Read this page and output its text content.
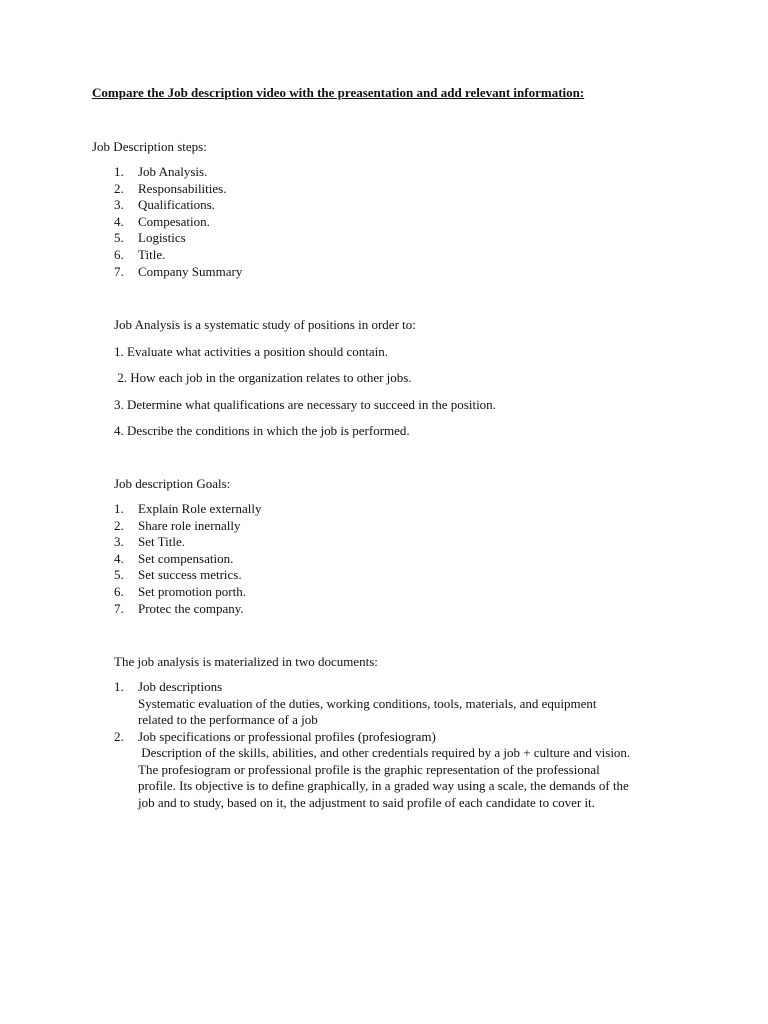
Compare the Job description video with the preasentation and add relevant information:
Job Description steps:
1. Job Analysis.
2. Responsabilities.
3. Qualifications.
4. Compesation.
5. Logistics
6. Title.
7. Company Summary
Job Analysis is a systematic study of positions in order to:
1. Evaluate what activities a position should contain.
2. How each job in the organization relates to other jobs.
3. Determine what qualifications are necessary to succeed in the position.
4. Describe the conditions in which the job is performed.
Job description Goals:
1. Explain Role externally
2. Share role inernally
3. Set Title.
4. Set compensation.
5. Set success metrics.
6. Set promotion porth.
7. Protec the company.
The job analysis is materialized in two documents:
1. Job descriptions
Systematic evaluation of the duties, working conditions, tools, materials, and equipment
related to the performance of a job
2. Job specifications or professional profiles (profesiogram)
Description of the skills, abilities, and other credentials required by a job + culture and vision.
The profesiogram or professional profile is the graphic representation of the professional
profile. Its objective is to define graphically, in a graded way using a scale, the demands of the
job and to study, based on it, the adjustment to said profile of each candidate to cover it.
